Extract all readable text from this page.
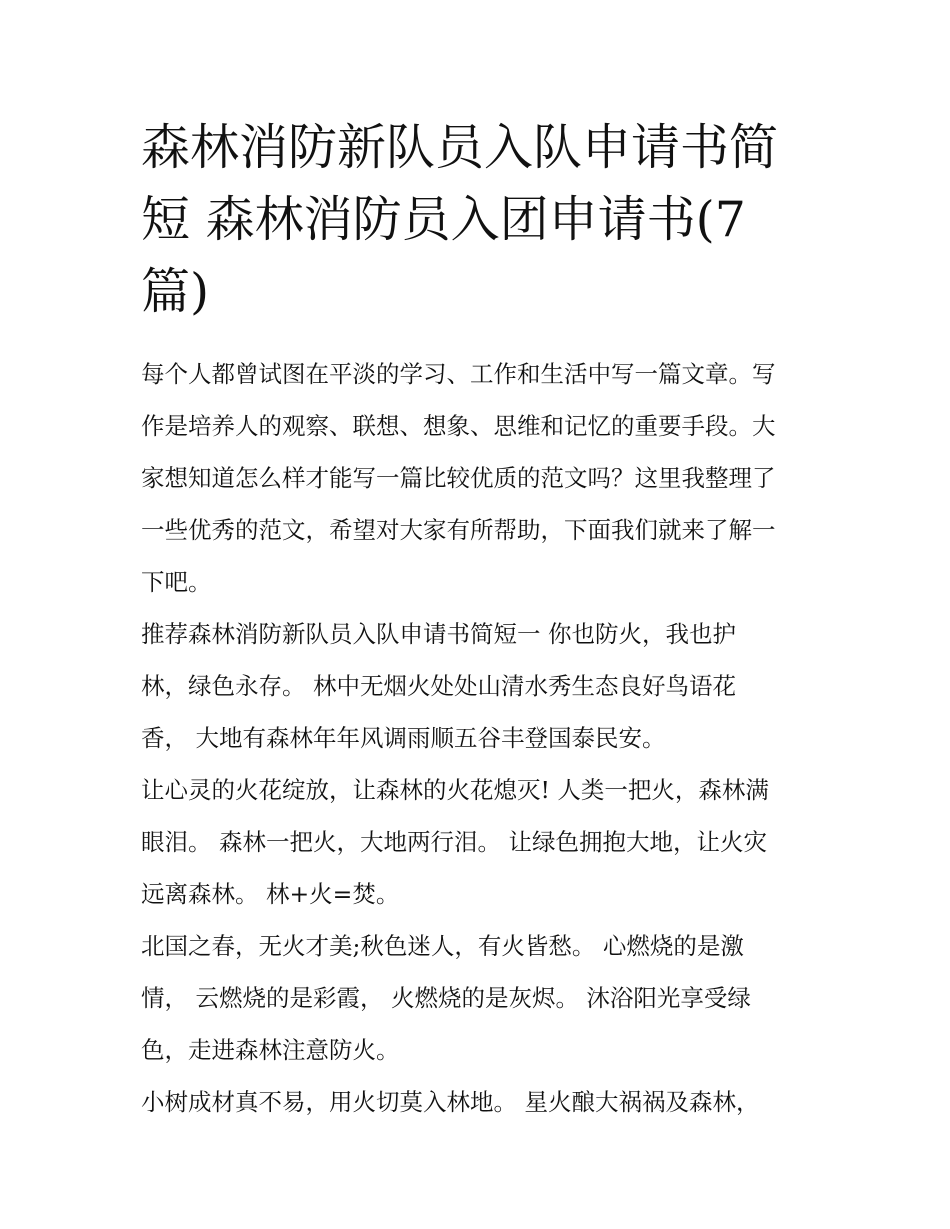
森林消防新队员入队申请书简
短 森林消防员入团申请书(7
篇)

每个人都曾试图在平淡的学习、工作和生活中写一篇文章。写
作是培养人的观察、联想、想象、思维和记忆的重要手段。大
家想知道怎么样才能写一篇比较优质的范文吗？这里我整理了
一些优秀的范文，希望对大家有所帮助，下面我们就来了解一
下吧。

推荐森林消防新队员入队申请书简短一 你也防火，我也护
林，绿色永存。 林中无烟火处处山清水秀生态良好鸟语花
香， 大地有森林年年风调雨顺五谷丰登国泰民安。

让心灵的火花绽放，让森林的火花熄灭! 人类一把火，森林满
眼泪。 森林一把火，大地两行泪。 让绿色拥抱大地，让火灾
远离森林。 林+火=焚。

北国之春，无火才美;秋色迷人，有火皆愁。 心燃烧的是激
情， 云燃烧的是彩霞， 火燃烧的是灰烬。 沐浴阳光享受绿
色，走进森林注意防火。

小树成材真不易，用火切莫入林地。 星火酿大祸祸及森林，
